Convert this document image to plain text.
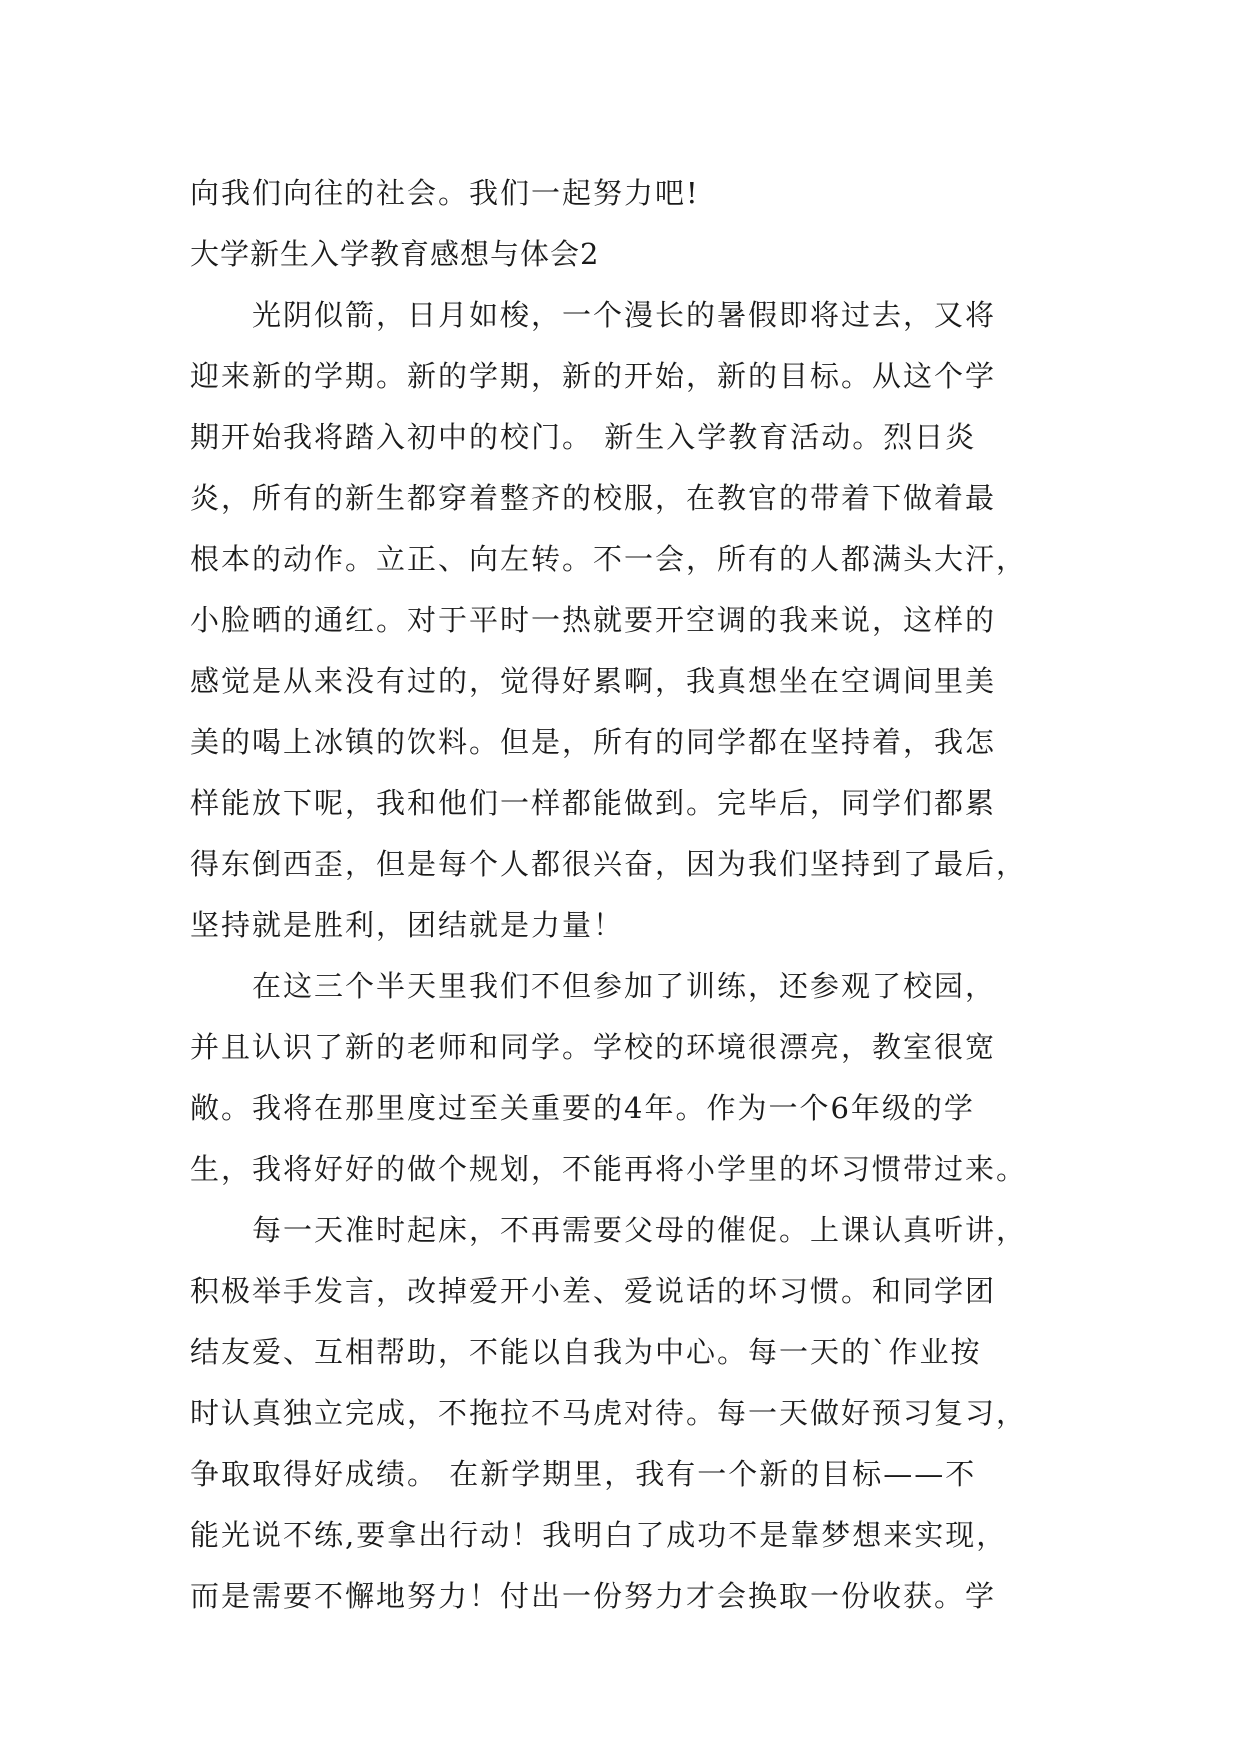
向我们向往的社会。我们一起努力吧!
大学新生入学教育感想与体会2
　　光阴似箭，日月如梭，一个漫长的暑假即将过去，又将
迎来新的学期。新的学期，新的开始，新的目标。从这个学
期开始我将踏入初中的校门。 新生入学教育活动。烈日炎
炎，所有的新生都穿着整齐的校服，在教官的带着下做着最
根本的动作。立正、向左转。不一会，所有的人都满头大汗，
小脸晒的通红。对于平时一热就要开空调的我来说，这样的
感觉是从来没有过的，觉得好累啊，我真想坐在空调间里美
美的喝上冰镇的饮料。但是，所有的同学都在坚持着，我怎
样能放下呢，我和他们一样都能做到。完毕后，同学们都累
得东倒西歪，但是每个人都很兴奋，因为我们坚持到了最后，
坚持就是胜利，团结就是力量！
　　在这三个半天里我们不但参加了训练，还参观了校园，
并且认识了新的老师和同学。学校的环境很漂亮，教室很宽
敞。我将在那里度过至关重要的4年。作为一个6年级的学
生，我将好好的做个规划，不能再将小学里的坏习惯带过来。
　　每一天准时起床，不再需要父母的催促。上课认真听讲，
积极举手发言，改掉爱开小差、爱说话的坏习惯。和同学团
结友爱、互相帮助，不能以自我为中心。每一天的`作业按
时认真独立完成，不拖拉不马虎对待。每一天做好预习复习，
争取取得好成绩。 在新学期里，我有一个新的目标——不
能光说不练,要拿出行动！我明白了成功不是靠梦想来实现，
而是需要不懈地努力！付出一份努力才会换取一份收获。学
